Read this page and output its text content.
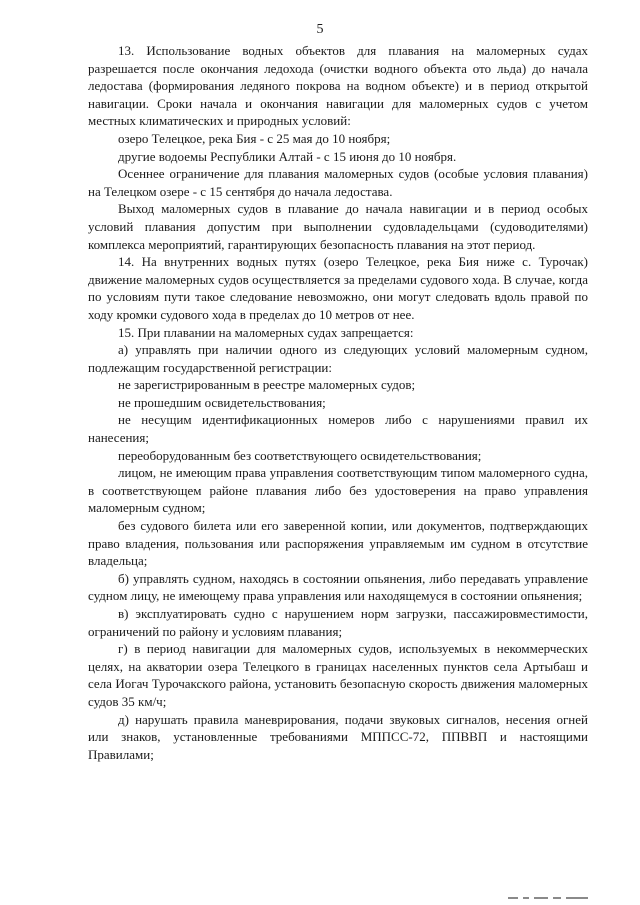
5

13. Использование водных объектов для плавания на маломерных судах разрешается после окончания ледохода (очистки водного объекта ото льда) до начала ледостава (формирования ледяного покрова на водном объекте) и в период открытой навигации. Сроки начала и окончания навигации для маломерных судов с учетом местных климатических и природных условий:

озеро Телецкое, река Бия - с 25 мая до 10 ноября;

другие водоемы Республики Алтай - с 15 июня до 10 ноября.

Осеннее ограничение для плавания маломерных судов (особые условия плавания) на Телецком озере - с 15 сентября до начала ледостава.

Выход маломерных судов в плавание до начала навигации и в период особых условий плавания допустим при выполнении судовладельцами (судоводителями) комплекса мероприятий, гарантирующих безопасность плавания на этот период.

14. На внутренних водных путях (озеро Телецкое, река Бия ниже с. Турочак) движение маломерных судов осуществляется за пределами судового хода. В случае, когда по условиям пути такое следование невозможно, они могут следовать вдоль правой по ходу кромки судового хода в пределах до 10 метров от нее.

15. При плавании на маломерных судах запрещается:

а) управлять при наличии одного из следующих условий маломерным судном, подлежащим государственной регистрации:

не зарегистрированным в реестре маломерных судов;

не прошедшим освидетельствования;

не несущим идентификационных номеров либо с нарушениями правил их нанесения;

переоборудованным без соответствующего освидетельствования;

лицом, не имеющим права управления соответствующим типом маломерного судна, в соответствующем районе плавания либо без удостоверения на право управления маломерным судном;

без судового билета или его заверенной копии, или документов, подтверждающих право владения, пользования или распоряжения управляемым им судном в отсутствие владельца;

б) управлять судном, находясь в состоянии опьянения, либо передавать управление судном лицу, не имеющему права управления или находящемуся в состоянии опьянения;

в) эксплуатировать судно с нарушением норм загрузки, пассажировместимости, ограничений по району и условиям плавания;

г) в период навигации для маломерных судов, используемых в некоммерческих целях, на акватории озера Телецкого в границах населенных пунктов села Артыбаш и села Иогач Турочакского района, установить безопасную скорость движения маломерных судов 35 км/ч;

д) нарушать правила маневрирования, подачи звуковых сигналов, несения огней или знаков, установленные требованиями МППСС-72, ППВВП и настоящими Правилами;
